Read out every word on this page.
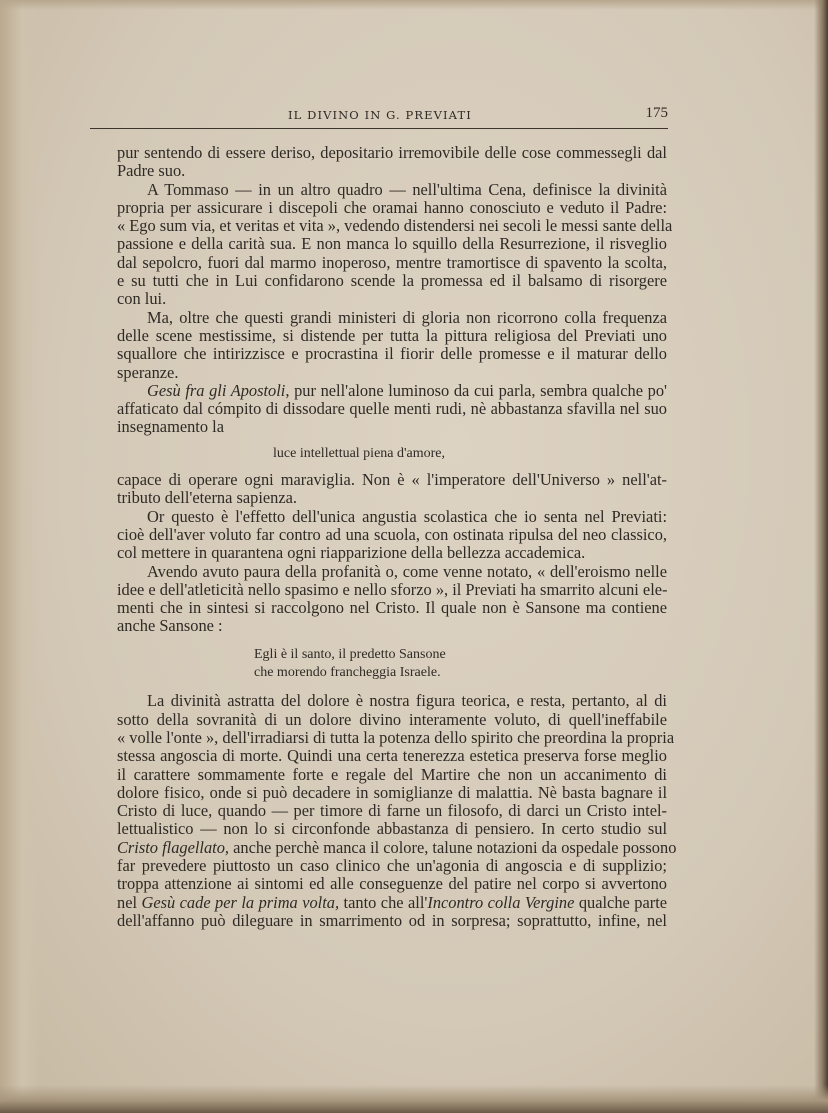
IL DIVINO IN G. PREVIATI	175
pur sentendo di essere deriso, depositario irremovibile delle cose commessegli dal
Padre suo.
A Tommaso — in un altro quadro — nell'ultima Cena, definisce la divinità
propria per assicurare i discepoli che oramai hanno conosciuto e veduto il Padre:
« Ego sum via, et veritas et vita », vedendo distendersi nei secoli le messi sante della
passione e della carità sua. E non manca lo squillo della Resurrezione, il risveglio
dal sepolcro, fuori dal marmo inoperoso, mentre tramortisce di spavento la scolta,
e su tutti che in Lui confidarono scende la promessa ed il balsamo di risorgere
con lui.
Ma, oltre che questi grandi ministeri di gloria non ricorrono colla frequenza
delle scene mestissime, si distende per tutta la pittura religiosa del Previati uno
squallore che intirizzisce e procrastina il fiorir delle promesse e il maturar dello
speranze.
Gesù fra gli Apostoli, pur nell'alone luminoso da cui parla, sembra qualche po'
affaticato dal cómpito di dissodare quelle menti rudi, nè abbastanza sfavilla nel suo
insegnamento la
luce intellettual piena d'amore,
capace di operare ogni maraviglia. Non è « l'imperatore dell'Universo » nell'at-
tributo dell'eterna sapienza.
Or questo è l'effetto dell'unica angustia scolastica che io senta nel Previati:
cioè dell'aver voluto far contro ad una scuola, con ostinata ripulsa del neo classico,
col mettere in quarantena ogni riapparizione della bellezza accademica.
Avendo avuto paura della profanità o, come venne notato, « dell'eroismo nelle
idee e dell'atleticità nello spasimo e nello sforzo », il Previati ha smarrito alcuni ele-
menti che in sintesi si raccolgono nel Cristo. Il quale non è Sansone ma contiene
anche Sansone :
Egli è il santo, il predetto Sansone
che morendo francheggia Israele.
La divinità astratta del dolore è nostra figura teorica, e resta, pertanto, al di
sotto della sovranità di un dolore divino interamente voluto, di quell'ineffabile
« volle l'onte », dell'irradiarsi di tutta la potenza dello spirito che preordina la propria
stessa angoscia di morte. Quindi una certa tenerezza estetica preserva forse meglio
il carattere sommamente forte e regale del Martire che non un accanimento di
dolore fisico, onde si può decadere in somiglianze di malattia. Nè basta bagnare il
Cristo di luce, quando — per timore di farne un filosofo, di darci un Cristo intel-
lettualistico — non lo si circonfonde abbastanza di pensiero. In certo studio sul
Cristo flagellato, anche perchè manca il colore, talune notazioni da ospedale possono
far prevedere piuttosto un caso clinico che un'agonia di angoscia e di supplizio;
troppa attenzione ai sintomi ed alle conseguenze del patire nel corpo si avvertono
nel Gesù cade per la prima volta, tanto che all'Incontro colla Vergine qualche parte
dell'affanno può dileguare in smarrimento od in sorpresa; soprattutto, infine, nel
